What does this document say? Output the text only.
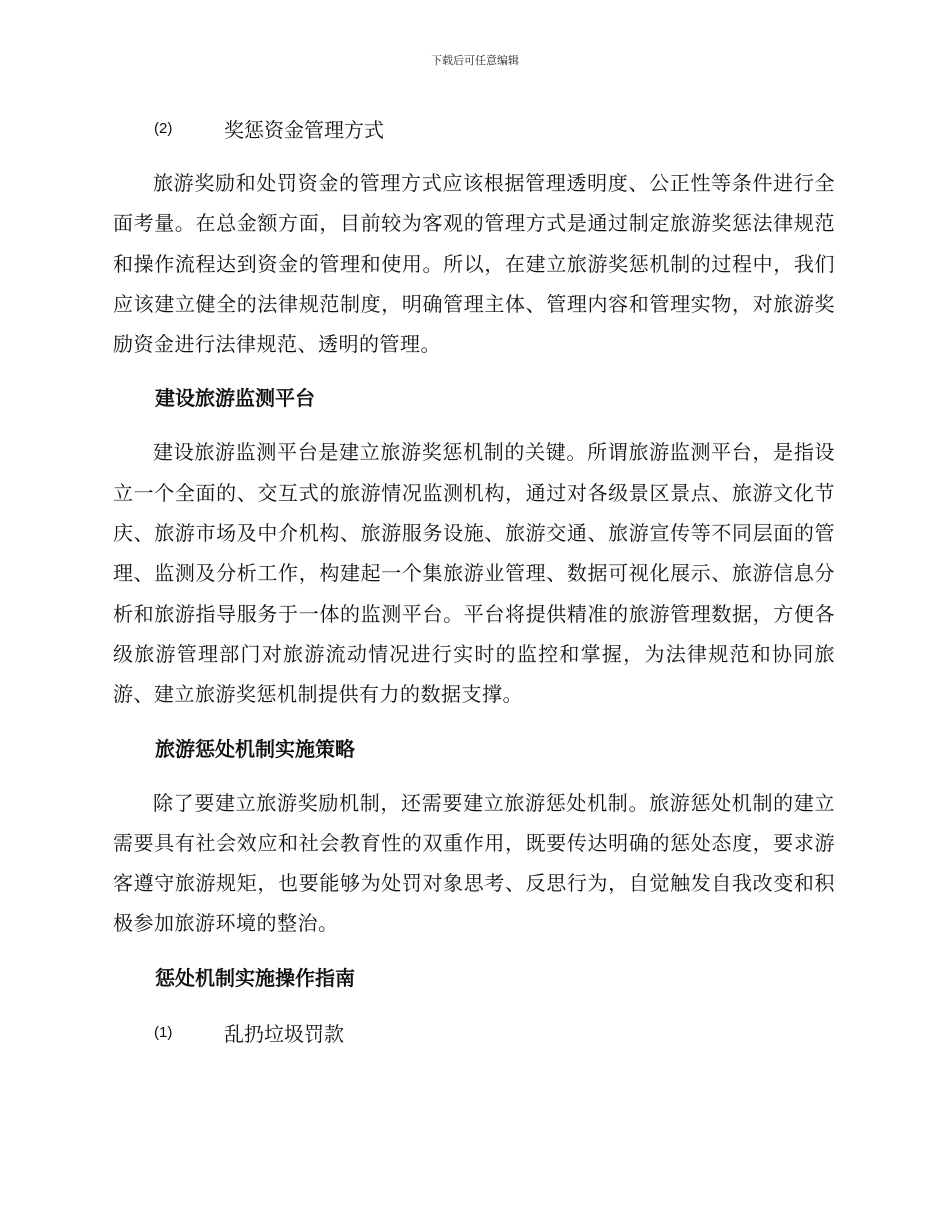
下载后可任意编辑
(2)	奖惩资金管理方式

旅游奖励和处罚资金的管理方式应该根据管理透明度、公正性等条件进行全面考量。在总金额方面，目前较为客观的管理方式是通过制定旅游奖惩法律规范和操作流程达到资金的管理和使用。所以，在建立旅游奖惩机制的过程中，我们应该建立健全的法律规范制度，明确管理主体、管理内容和管理实物，对旅游奖励资金进行法律规范、透明的管理。

建设旅游监测平台

建设旅游监测平台是建立旅游奖惩机制的关键。所谓旅游监测平台，是指设立一个全面的、交互式的旅游情况监测机构，通过对各级景区景点、旅游文化节庆、旅游市场及中介机构、旅游服务设施、旅游交通、旅游宣传等不同层面的管理、监测及分析工作，构建起一个集旅游业管理、数据可视化展示、旅游信息分析和旅游指导服务于一体的监测平台。平台将提供精准的旅游管理数据，方便各级旅游管理部门对旅游流动情况进行实时的监控和掌握，为法律规范和协同旅游、建立旅游奖惩机制提供有力的数据支撑。

旅游惩处机制实施策略

除了要建立旅游奖励机制，还需要建立旅游惩处机制。旅游惩处机制的建立需要具有社会效应和社会教育性的双重作用，既要传达明确的惩处态度，要求游客遵守旅游规矩，也要能够为处罚对象思考、反思行为，自觉触发自我改变和积极参加旅游环境的整治。

惩处机制实施操作指南
(1)	乱扔垃圾罚款
